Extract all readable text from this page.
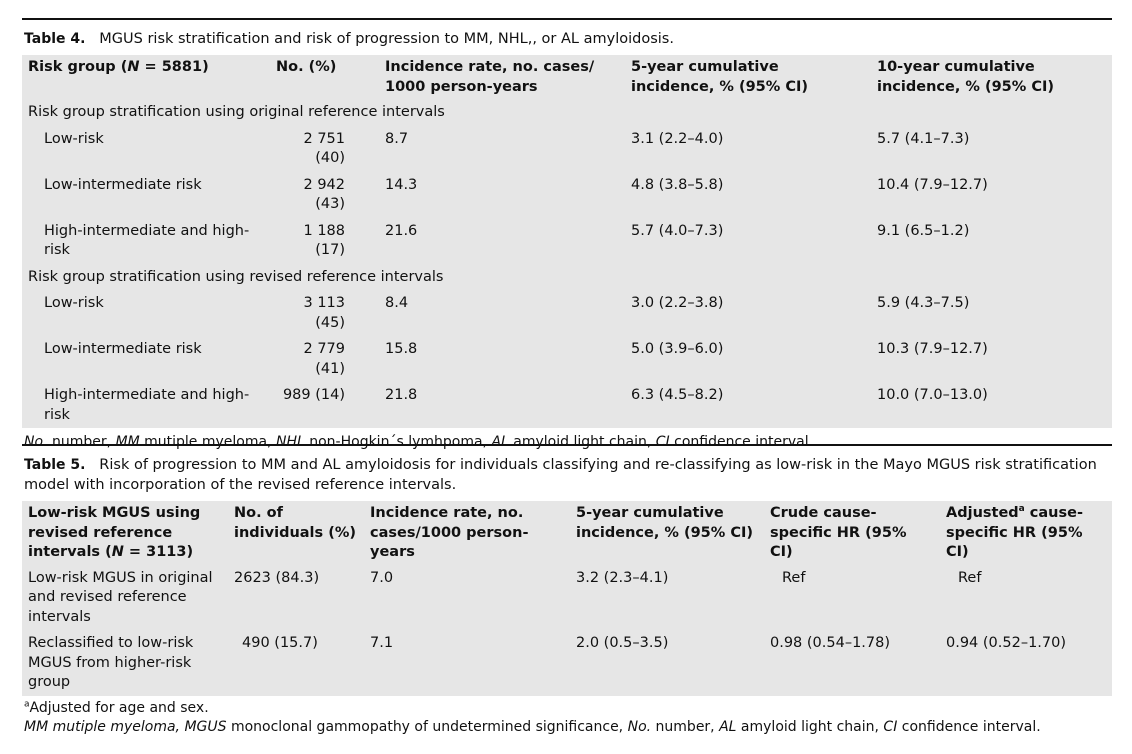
Table 4. MGUS risk stratification and risk of progression to MM, NHL,, or AL amyloidosis.
Risk group (N = 5881)	No. (%)	Incidence rate, no. cases/ 1000 person-years	5-year cumulative incidence, % (95% CI)	10-year cumulative incidence, % (95% CI)
Risk group stratification using original reference intervals				
Low-risk	2 751 (40)	8.7	3.1 (2.2–4.0)	5.7 (4.1–7.3)
Low-intermediate risk	2 942 (43)	14.3	4.8 (3.8–5.8)	10.4 (7.9–12.7)
High-intermediate and high-risk	1 188 (17)	21.6	5.7 (4.0–7.3)	9.1 (6.5–1.2)
Risk group stratification using revised reference intervals				
Low-risk	3 113 (45)	8.4	3.0 (2.2–3.8)	5.9 (4.3–7.5)
Low-intermediate risk	2 779 (41)	15.8	5.0 (3.9–6.0)	10.3 (7.9–12.7)
High-intermediate and high-risk	989 (14)	21.8	6.3 (4.5–8.2)	10.0 (7.0–13.0)
No. number, MM mutiple myeloma, NHL non-Hogkin´s lymhpoma, AL amyloid light chain, CI confidence interval.
Table 5. Risk of progression to MM and AL amyloidosis for individuals classifying and re-classifying as low-risk in the Mayo MGUS risk stratification model with incorporation of the revised reference intervals.
Low-risk MGUS using revised reference intervals (N = 3113)	No. of individuals (%)	Incidence rate, no. cases/1000 person-years	5-year cumulative incidence, % (95% CI)	Crude cause-specific HR (95% CI)	Adjusted$^a$ cause-specific HR (95% CI)
Low-risk MGUS in original and revised reference intervals	2623 (84.3)	7.0	3.2 (2.3–4.1)	Ref	Ref
Reclassified to low-risk MGUS from higher-risk group	490 (15.7)	7.1	2.0 (0.5–3.5)	0.98 (0.54–1.78)	0.94 (0.52–1.70)
$^a$Adjusted for age and sex.
MM mutiple myeloma, MGUS monoclonal gammopathy of undetermined significance, No. number, AL amyloid light chain, CI confidence interval.
